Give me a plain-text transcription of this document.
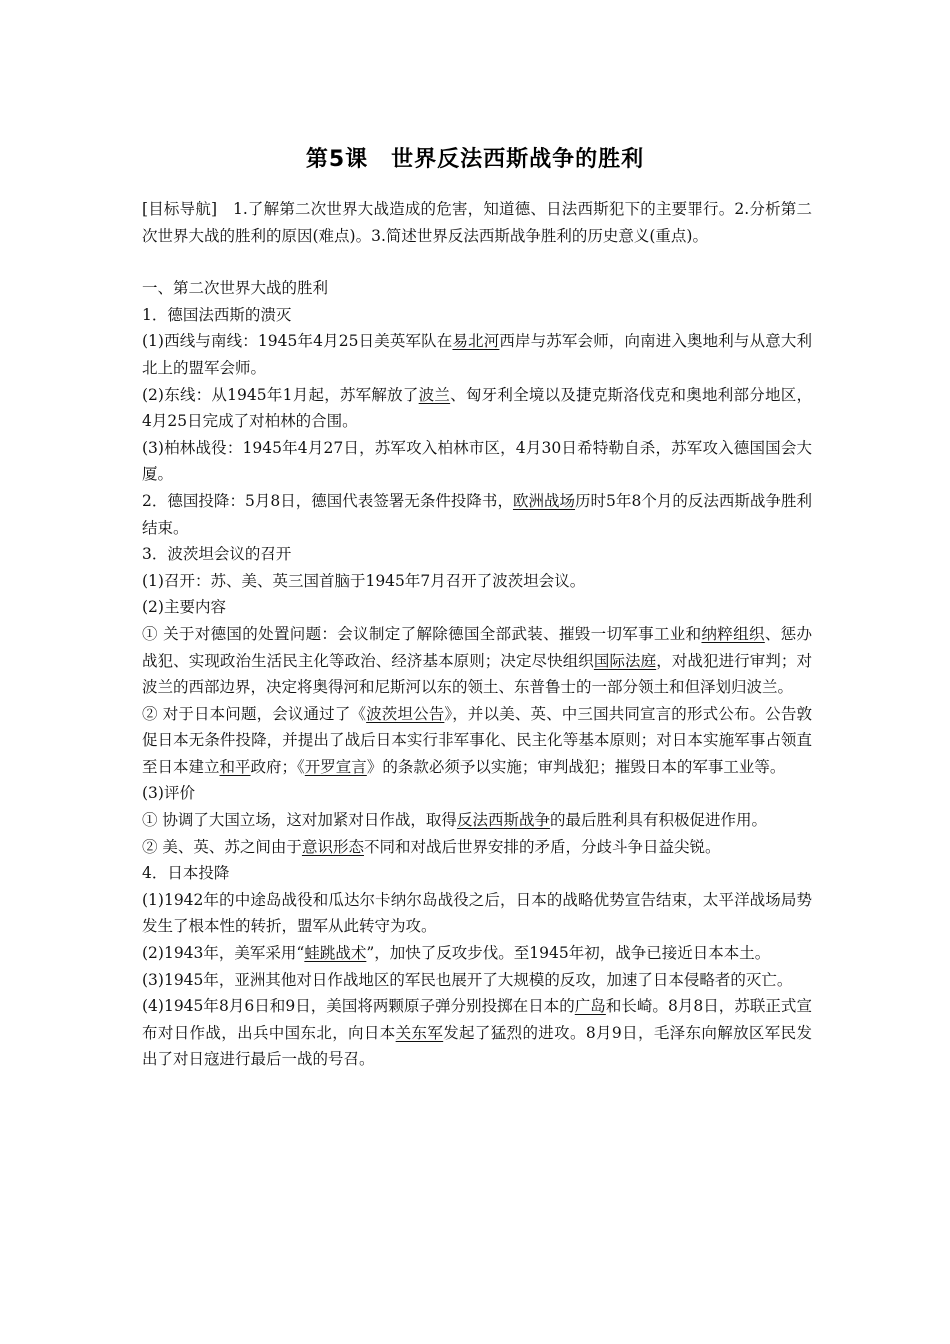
第5课　世界反法西斯战争的胜利

[目标导航]　1.了解第二次世界大战造成的危害，知道德、日法西斯犯下的主要罪行。2.分析第二次世界大战的胜利的原因(难点)。3.简述世界反法西斯战争胜利的历史意义(重点)。

一、第二次世界大战的胜利

1．德国法西斯的溃灭

(1)西线与南线：1945年4月25日美英军队在易北河西岸与苏军会师，向南进入奥地利与从意大利北上的盟军会师。

(2)东线：从1945年1月起，苏军解放了波兰、匈牙利全境以及捷克斯洛伐克和奥地利部分地区，4月25日完成了对柏林的合围。

(3)柏林战役：1945年4月27日，苏军攻入柏林市区，4月30日希特勒自杀，苏军攻入德国国会大厦。

2．德国投降：5月8日，德国代表签署无条件投降书，欧洲战场历时5年8个月的反法西斯战争胜利结束。

3．波茨坦会议的召开

(1)召开：苏、美、英三国首脑于1945年7月召开了波茨坦会议。

(2)主要内容

① 关于对德国的处置问题：会议制定了解除德国全部武装、摧毁一切军事工业和纳粹组织、惩办战犯、实现政治生活民主化等政治、经济基本原则；决定尽快组织国际法庭，对战犯进行审判；对波兰的西部边界，决定将奥得河和尼斯河以东的领土、东普鲁士的一部分领土和但泽划归波兰。

② 对于日本问题，会议通过了《波茨坦公告》，并以美、英、中三国共同宣言的形式公布。公告敦促日本无条件投降，并提出了战后日本实行非军事化、民主化等基本原则；对日本实施军事占领直至日本建立和平政府；《开罗宣言》的条款必须予以实施；审判战犯；摧毁日本的军事工业等。

(3)评价

① 协调了大国立场，这对加紧对日作战，取得反法西斯战争的最后胜利具有积极促进作用。

② 美、英、苏之间由于意识形态不同和对战后世界安排的矛盾，分歧斗争日益尖锐。

4．日本投降

(1)1942年的中途岛战役和瓜达尔卡纳尔岛战役之后，日本的战略优势宣告结束，太平洋战场局势发生了根本性的转折，盟军从此转守为攻。

(2)1943年，美军采用“蛙跳战术”，加快了反攻步伐。至1945年初，战争已接近日本本土。

(3)1945年，亚洲其他对日作战地区的军民也展开了大规模的反攻，加速了日本侵略者的灭亡。

(4)1945年8月6日和9日，美国将两颗原子弹分别投掷在日本的广岛和长崎。8月8日，苏联正式宣布对日作战，出兵中国东北，向日本关东军发起了猛烈的进攻。8月9日，毛泽东向解放区军民发出了对日寇进行最后一战的号召。
